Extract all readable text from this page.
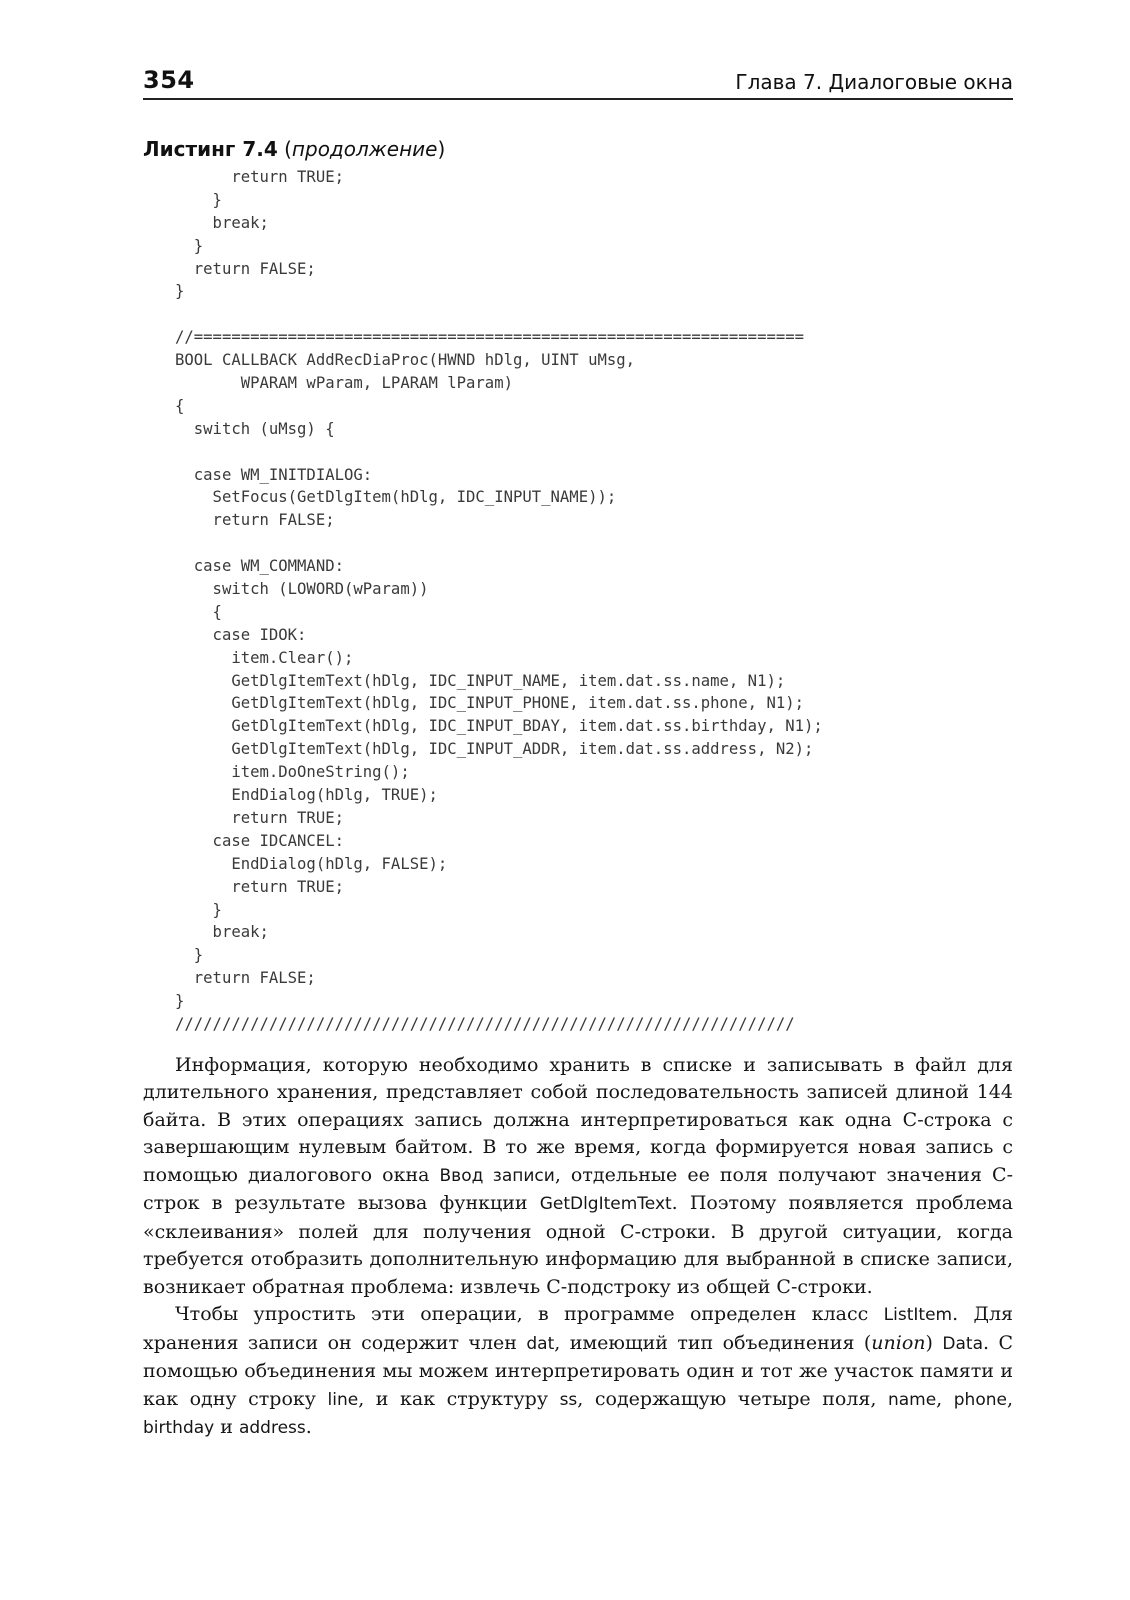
354	Глава 7. Диалоговые окна
Листинг 7.4 (продолжение)
return TRUE;
}
break;
}
return FALSE;
}
//=================================================================
BOOL CALLBACK AddRecDiaProc(HWND hDlg, UINT uMsg,
WPARAM wParam, LPARAM lParam)
{
switch (uMsg) {
case WM_INITDIALOG:
SetFocus(GetDlgItem(hDlg, IDC_INPUT_NAME));
return FALSE;
case WM_COMMAND:
switch (LOWORD(wParam))
{
case IDOK:
item.Clear();
GetDlgItemText(hDlg, IDC_INPUT_NAME, item.dat.ss.name, N1);
GetDlgItemText(hDlg, IDC_INPUT_PHONE, item.dat.ss.phone, N1);
GetDlgItemText(hDlg, IDC_INPUT_BDAY, item.dat.ss.birthday, N1);
GetDlgItemText(hDlg, IDC_INPUT_ADDR, item.dat.ss.address, N2);
item.DoOneString();
EndDialog(hDlg, TRUE);
return TRUE;
case IDCANCEL:
EndDialog(hDlg, FALSE);
return TRUE;
}
break;
}
return FALSE;
}
//////////////////////////////////////////////////////////////////

Информация, которую необходимо хранить в списке и записывать в файл для длительного хранения, представляет собой последовательность записей длиной 144 байта. В этих операциях запись должна интерпретироваться как одна С-строка с завершающим нулевым байтом. В то же время, когда формируется новая запись с помощью диалогового окна Ввод записи, отдельные ее поля получают значения С-строк в результате вызова функции GetDlgItemText. Поэтому появляется проблема «склеивания» полей для получения одной С-строки. В другой ситуации, когда требуется отобразить дополнительную информацию для выбранной в списке записи, возникает обратная проблема: извлечь С-подстроку из общей С-строки.

Чтобы упростить эти операции, в программе определен класс ListItem. Для хранения записи он содержит член dat, имеющий тип объединения (union) Data. С помощью объединения мы можем интерпретировать один и тот же участок памяти и как одну строку line, и как структуру ss, содержащую четыре поля, name, phone, birthday и address.
